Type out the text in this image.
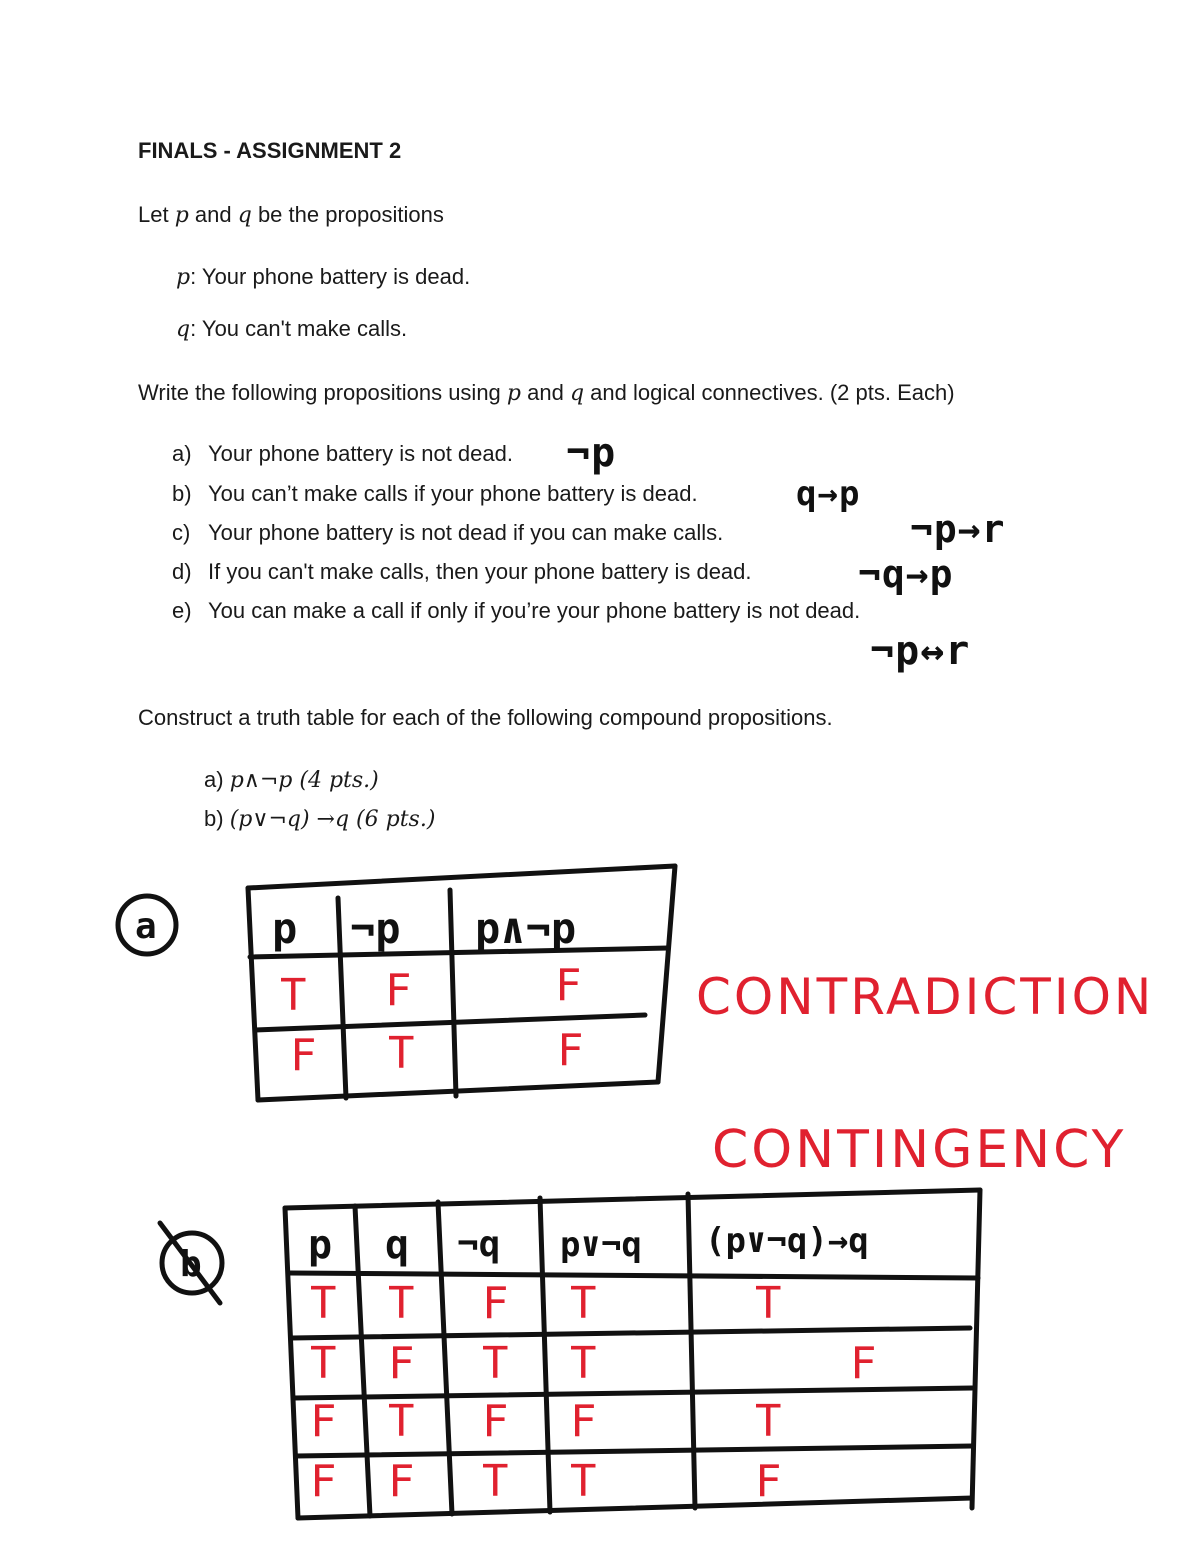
FINALS - ASSIGNMENT 2
Let p and q be the propositions
p: Your phone battery is dead.
q: You can't make calls.
Write the following propositions using p and q and logical connectives. (2 pts. Each)
a) Your phone battery is not dead.
b) You can’t make calls if your phone battery is dead.
c) Your phone battery is not dead if you can make calls.
d) If you can't make calls, then your phone battery is dead.
e) You can make a call if only if you’re your phone battery is not dead.
¬p
q→p
¬p→r
¬q→p
¬p↔r
Construct a truth table for each of the following compound propositions.
a) p∧¬p (4 pts.)
b) (p∨¬q) →q (6 pts.)
a	p ¬p p∧¬p
T F	F
F T	F
CONTRADICTION
CONTINGENCY
b	p q ¬q p∨¬q (p∨¬q)→q
T T F T	T
T F T T	F
F T F F	T
F F T T	F
